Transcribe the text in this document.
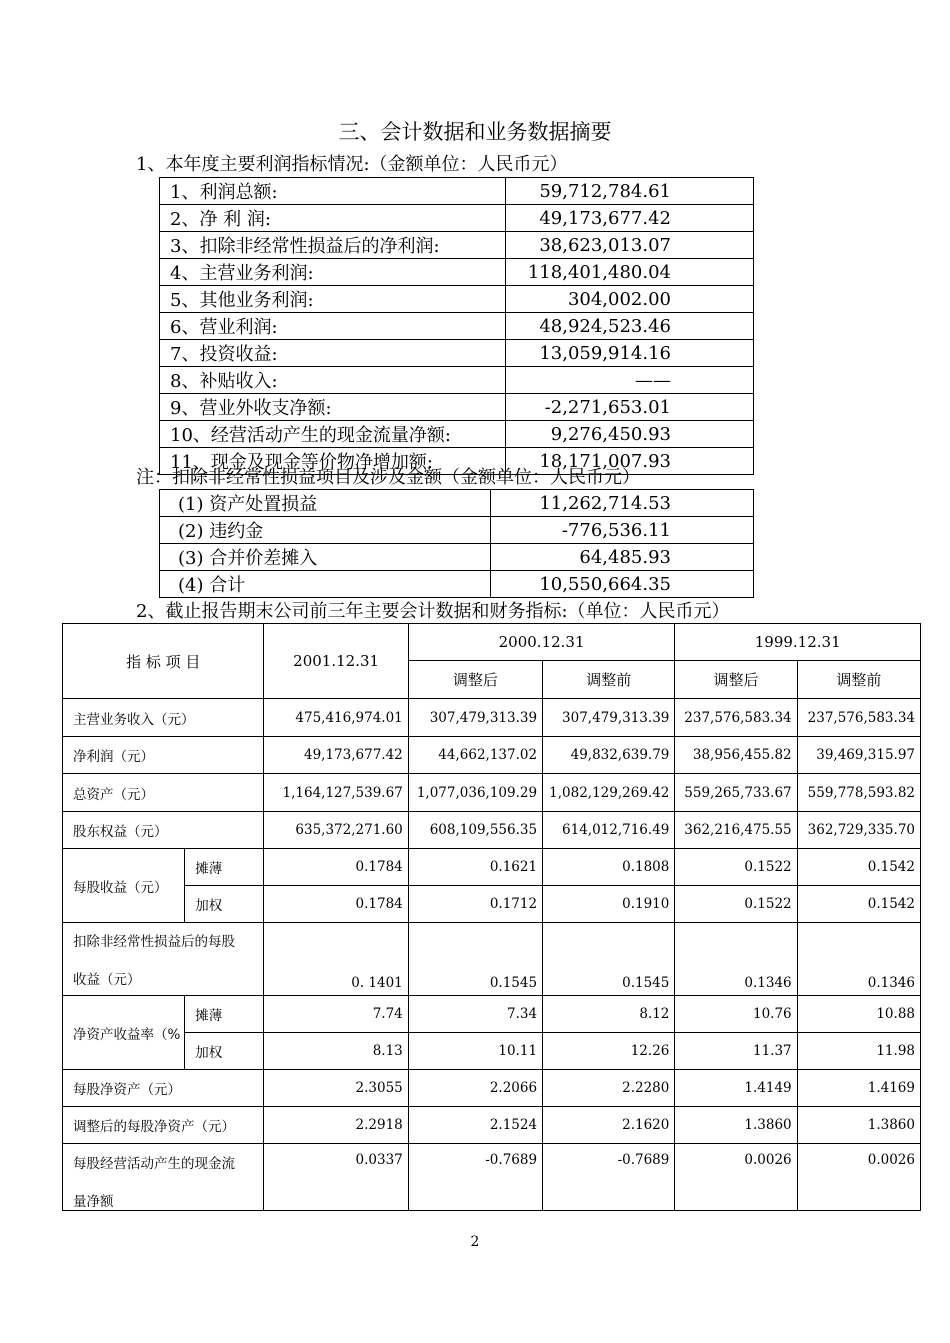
三、会计数据和业务数据摘要
1、本年度主要利润指标情况:（金额单位：人民币元）
1、利润总额:	59,712,784.61
2、净 利 润:	49,173,677.42
3、扣除非经常性损益后的净利润:	38,623,013.07
4、主营业务利润:	118,401,480.04
5、其他业务利润:	304,002.00
6、营业利润:	48,924,523.46
7、投资收益:	13,059,914.16
8、补贴收入:	——
9、营业外收支净额:	-2,271,653.01
10、经营活动产生的现金流量净额:	9,276,450.93
11、现金及现金等价物净增加额:	18,171,007.93
注：扣除非经常性损益项目及涉及金额（金额单位：人民币元）
(1) 资产处置损益	11,262,714.53
(2) 违约金	-776,536.11
(3) 合并价差摊入	64,485.93
(4) 合计	10,550,664.35
2、截止报告期末公司前三年主要会计数据和财务指标:（单位：人民币元）
指 标 项 目		2001.12.31	2000.12.31		1999.12.31	
			调整后	调整前	调整后	调整前
主营业务收入（元）		475,416,974.01	307,479,313.39	307,479,313.39	237,576,583.34	237,576,583.34
净利润（元）		49,173,677.42	44,662,137.02	49,832,639.79	38,956,455.82	39,469,315.97
总资产（元）		1,164,127,539.67	1,077,036,109.29	1,082,129,269.42	559,265,733.67	559,778,593.82
股东权益（元）		635,372,271.60	608,109,556.35	614,012,716.49	362,216,475.55	362,729,335.70
每股收益（元）	摊薄	0.1784	0.1621	0.1808	0.1522	0.1542
	加权	0.1784	0.1712	0.1910	0.1522	0.1542

扣除非经常性损益后的每股
收益（元）		0. 1401	0.1545	0.1545	0.1346	0.1346
净资产收益率（%	摊薄	7.74	7.34	8.12	10.76	10.88
	加权	8.13	10.11	12.26	11.37	11.98
每股净资产（元）		2.3055	2.2066	2.2280	1.4149	1.4169
调整后的每股净资产（元）		2.2918	2.1524	2.1620	1.3860	1.3860

每股经营活动产生的现金流
量净额		0.0337	-0.7689	-0.7689	0.0026	0.0026
2
